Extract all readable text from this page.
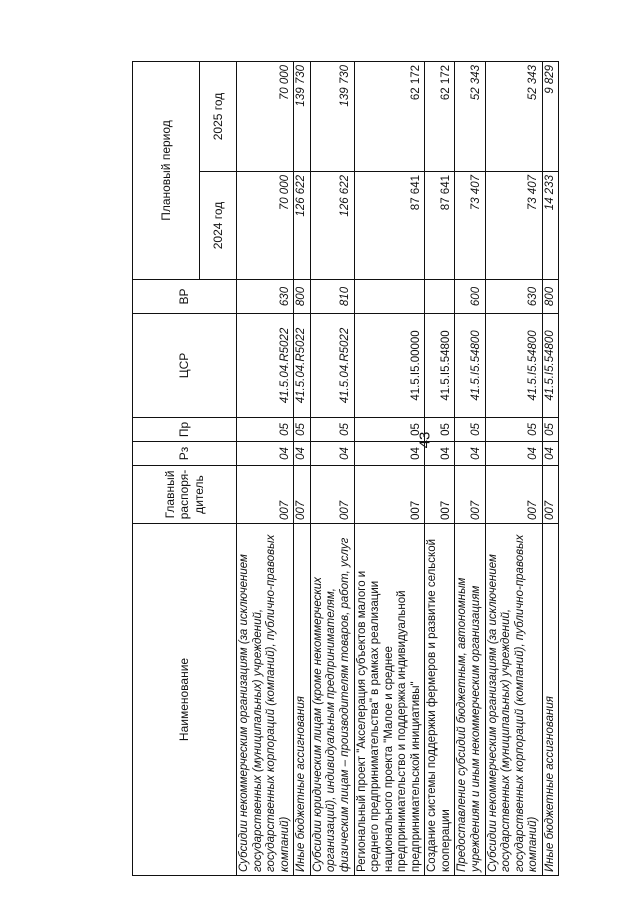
43
Наименование	Главный распоря-дитель	Рз	Пр	ЦСР	ВР	Плановый период	
						2024 год	2025 год
Субсидии некоммерческим организациям (за исключением государственных (муниципальных) учреждений, государственных корпораций (компаний), публично-правовых компаний)	007	04	05	41.5.04.R5022	630	70 000	70 000
Иные бюджетные ассигнования	007	04	05	41.5.04.R5022	800	126 622	139 730
Субсидии юридическим лицам (кроме некоммерческих организаций), индивидуальным предпринимателям, физическим лицам – производителям товаров, работ, услуг	007	04	05	41.5.04.R5022	810	126 622	139 730
Региональный проект "Акселерация субъектов малого и среднего предпринимательства" в рамках реализации национального проекта "Малое и среднее предпринимательство и поддержка индивидуальной предпринимательской инициативы"	007	04	05	41.5.I5.00000		87 641	62 172
Создание системы поддержки фермеров и развитие сельской кооперации	007	04	05	41.5.I5.54800		87 641	62 172
Предоставление субсидий бюджетным, автономным учреждениям и иным некоммерческим организациям	007	04	05	41.5.I5.54800	600	73 407	52 343
Субсидии некоммерческим организациям (за исключением государственных (муниципальных) учреждений, государственных корпораций (компаний), публично-правовых компаний)	007	04	05	41.5.I5.54800	630	73 407	52 343
Иные бюджетные ассигнования	007	04	05	41.5.I5.54800	800	14 233	9 829
